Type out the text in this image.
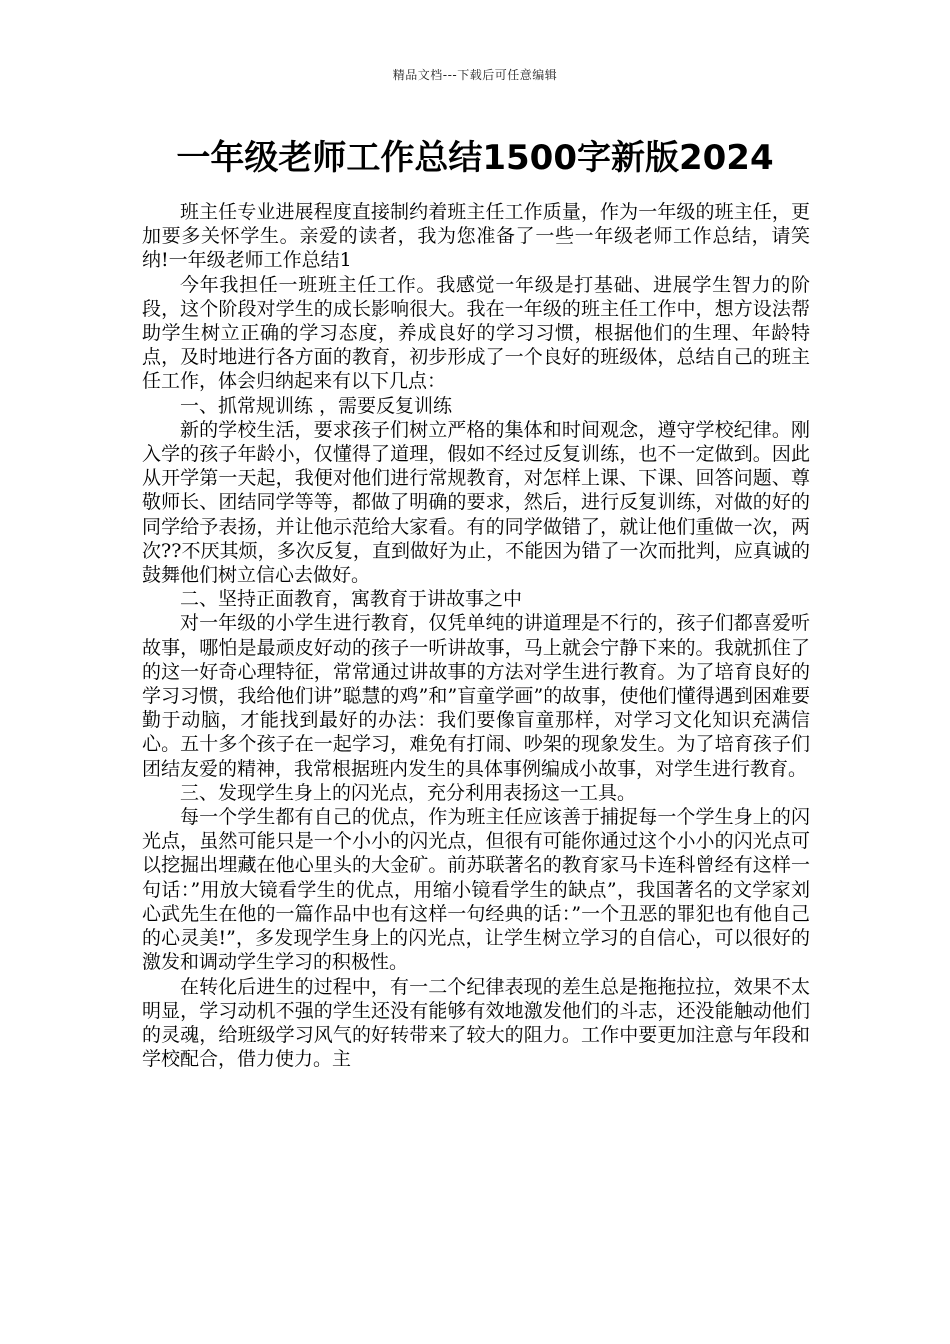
精品文档---下载后可任意编辑
一年级老师工作总结1500字新版2024

班主任专业进展程度直接制约着班主任工作质量，作为一年级的班主任，更加要多关怀学生。亲爱的读者，我为您准备了一些一年级老师工作总结，请笑纳!一年级老师工作总结1

今年我担任一班班主任工作。我感觉一年级是打基础、进展学生智力的阶段，这个阶段对学生的成长影响很大。我在一年级的班主任工作中，想方设法帮助学生树立正确的学习态度，养成良好的学习习惯，根据他们的生理、年龄特点，及时地进行各方面的教育，初步形成了一个良好的班级体，总结自己的班主任工作，体会归纳起来有以下几点：

一、抓常规训练 ，需要反复训练

新的学校生活，要求孩子们树立严格的集体和时间观念，遵守学校纪律。刚入学的孩子年龄小，仅懂得了道理，假如不经过反复训练，也不一定做到。因此从开学第一天起，我便对他们进行常规教育，对怎样上课、下课、回答问题、尊敬师长、团结同学等等，都做了明确的要求，然后，进行反复训练，对做的好的同学给予表扬，并让他示范给大家看。有的同学做错了，就让他们重做一次，两次??不厌其烦，多次反复，直到做好为止，不能因为错了一次而批判，应真诚的鼓舞他们树立信心去做好。

二、坚持正面教育，寓教育于讲故事之中

对一年级的小学生进行教育，仅凭单纯的讲道理是不行的，孩子们都喜爱听故事，哪怕是最顽皮好动的孩子一听讲故事，马上就会宁静下来的。我就抓住了的这一好奇心理特征，常常通过讲故事的方法对学生进行教育。为了培育良好的学习习惯，我给他们讲”聪慧的鸡”和”盲童学画”的故事，使他们懂得遇到困难要勤于动脑，才能找到最好的办法：我们要像盲童那样，对学习文化知识充满信心。五十多个孩子在一起学习，难免有打闹、吵架的现象发生。为了培育孩子们团结友爱的精神，我常根据班内发生的具体事例编成小故事，对学生进行教育。

三、发现学生身上的闪光点，充分利用表扬这一工具。

每一个学生都有自己的优点，作为班主任应该善于捕捉每一个学生身上的闪光点，虽然可能只是一个小小的闪光点，但很有可能你通过这个小小的闪光点可以挖掘出埋藏在他心里头的大金矿。前苏联著名的教育家马卡连科曾经有这样一句话：”用放大镜看学生的优点，用缩小镜看学生的缺点”，我国著名的文学家刘心武先生在他的一篇作品中也有这样一句经典的话：”一个丑恶的罪犯也有他自己的心灵美!”，多发现学生身上的闪光点，让学生树立学习的自信心，可以很好的激发和调动学生学习的积极性。

在转化后进生的过程中，有一二个纪律表现的差生总是拖拖拉拉，效果不太明显，学习动机不强的学生还没有能够有效地激发他们的斗志，还没能触动他们的灵魂，给班级学习风气的好转带来了较大的阻力。工作中要更加注意与年段和学校配合，借力使力。主
